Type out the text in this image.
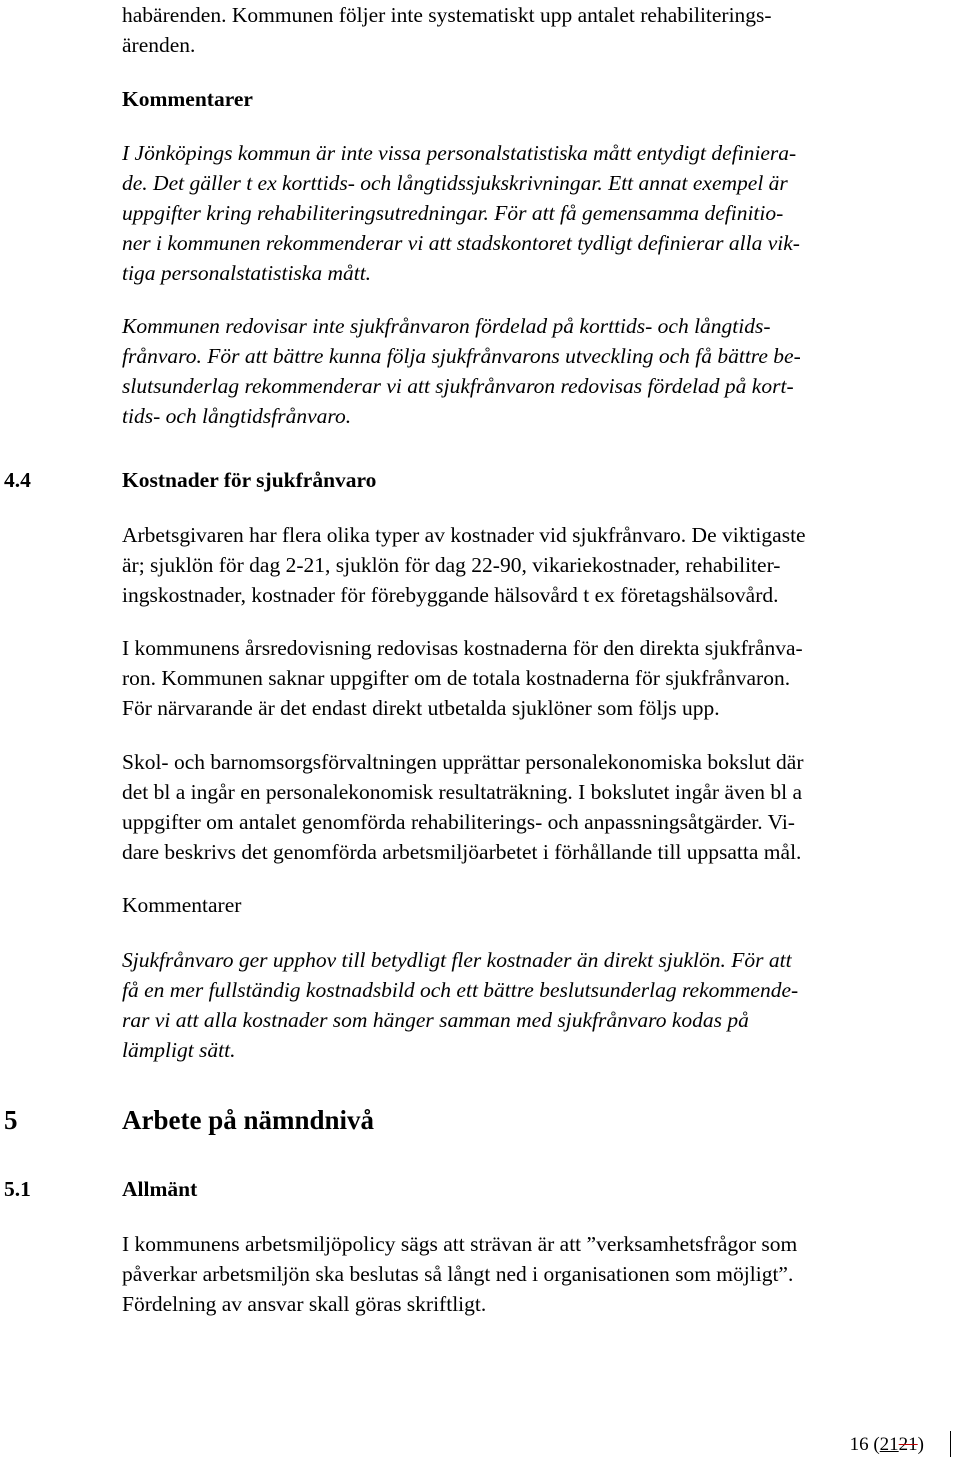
habärenden. Kommunen följer inte systematiskt upp antalet rehabiliterings-
ärenden.
Kommentarer
I Jönköpings kommun är inte vissa personalstatistiska mått entydigt definiera-
de. Det gäller t ex korttids- och långtidssjukskrivningar. Ett annat exempel är
uppgifter kring rehabiliteringsutredningar. För att få gemensamma definitio-
ner i kommunen rekommenderar vi att stadskontoret tydligt definierar alla vik-
tiga personalstatistiska mått.
Kommunen redovisar inte sjukfrånvaron fördelad på korttids- och långtids-
frånvaro. För att bättre kunna följa sjukfrånvarons utveckling och få bättre be-
slutsunderlag rekommenderar vi att sjukfrånvaron redovisas fördelad på kort-
tids- och långtidsfrånvaro.
4.4	Kostnader för sjukfrånvaro
Arbetsgivaren har flera olika typer av kostnader vid sjukfrånvaro. De viktigaste
är; sjuklön för dag 2-21, sjuklön för dag 22-90, vikariekostnader, rehabiliter-
ingskostnader, kostnader för förebyggande hälsovård t ex företagshälsovård.
I kommunens årsredovisning redovisas kostnaderna för den direkta sjukfrånva-
ron. Kommunen saknar uppgifter om de totala kostnaderna för sjukfrånvaron.
För närvarande är det endast direkt utbetalda sjuklöner som följs upp.
Skol- och barnomsorgsförvaltningen upprättar personalekonomiska bokslut där
det bl a ingår en personalekonomisk resultaträkning. I bokslutet ingår även bl a
uppgifter om antalet genomförda rehabiliterings- och anpassningsåtgärder. Vi-
dare beskrivs det genomförda arbetsmiljöarbetet i förhållande till uppsatta mål.
Kommentarer
Sjukfrånvaro ger upphov till betydligt fler kostnader än direkt sjuklön. För att
få en mer fullständig kostnadsbild och ett bättre beslutsunderlag rekommende-
rar vi att alla kostnader som hänger samman med sjukfrånvaro kodas på
lämpligt sätt.
5	Arbete på nämndnivå
5.1	Allmänt
I kommunens arbetsmiljöpolicy sägs att strävan är att ”verksamhetsfrågor som
påverkar arbetsmiljön ska beslutas så långt ned i organisationen som möjligt”.
Fördelning av ansvar skall göras skriftligt.
16 (2121)
